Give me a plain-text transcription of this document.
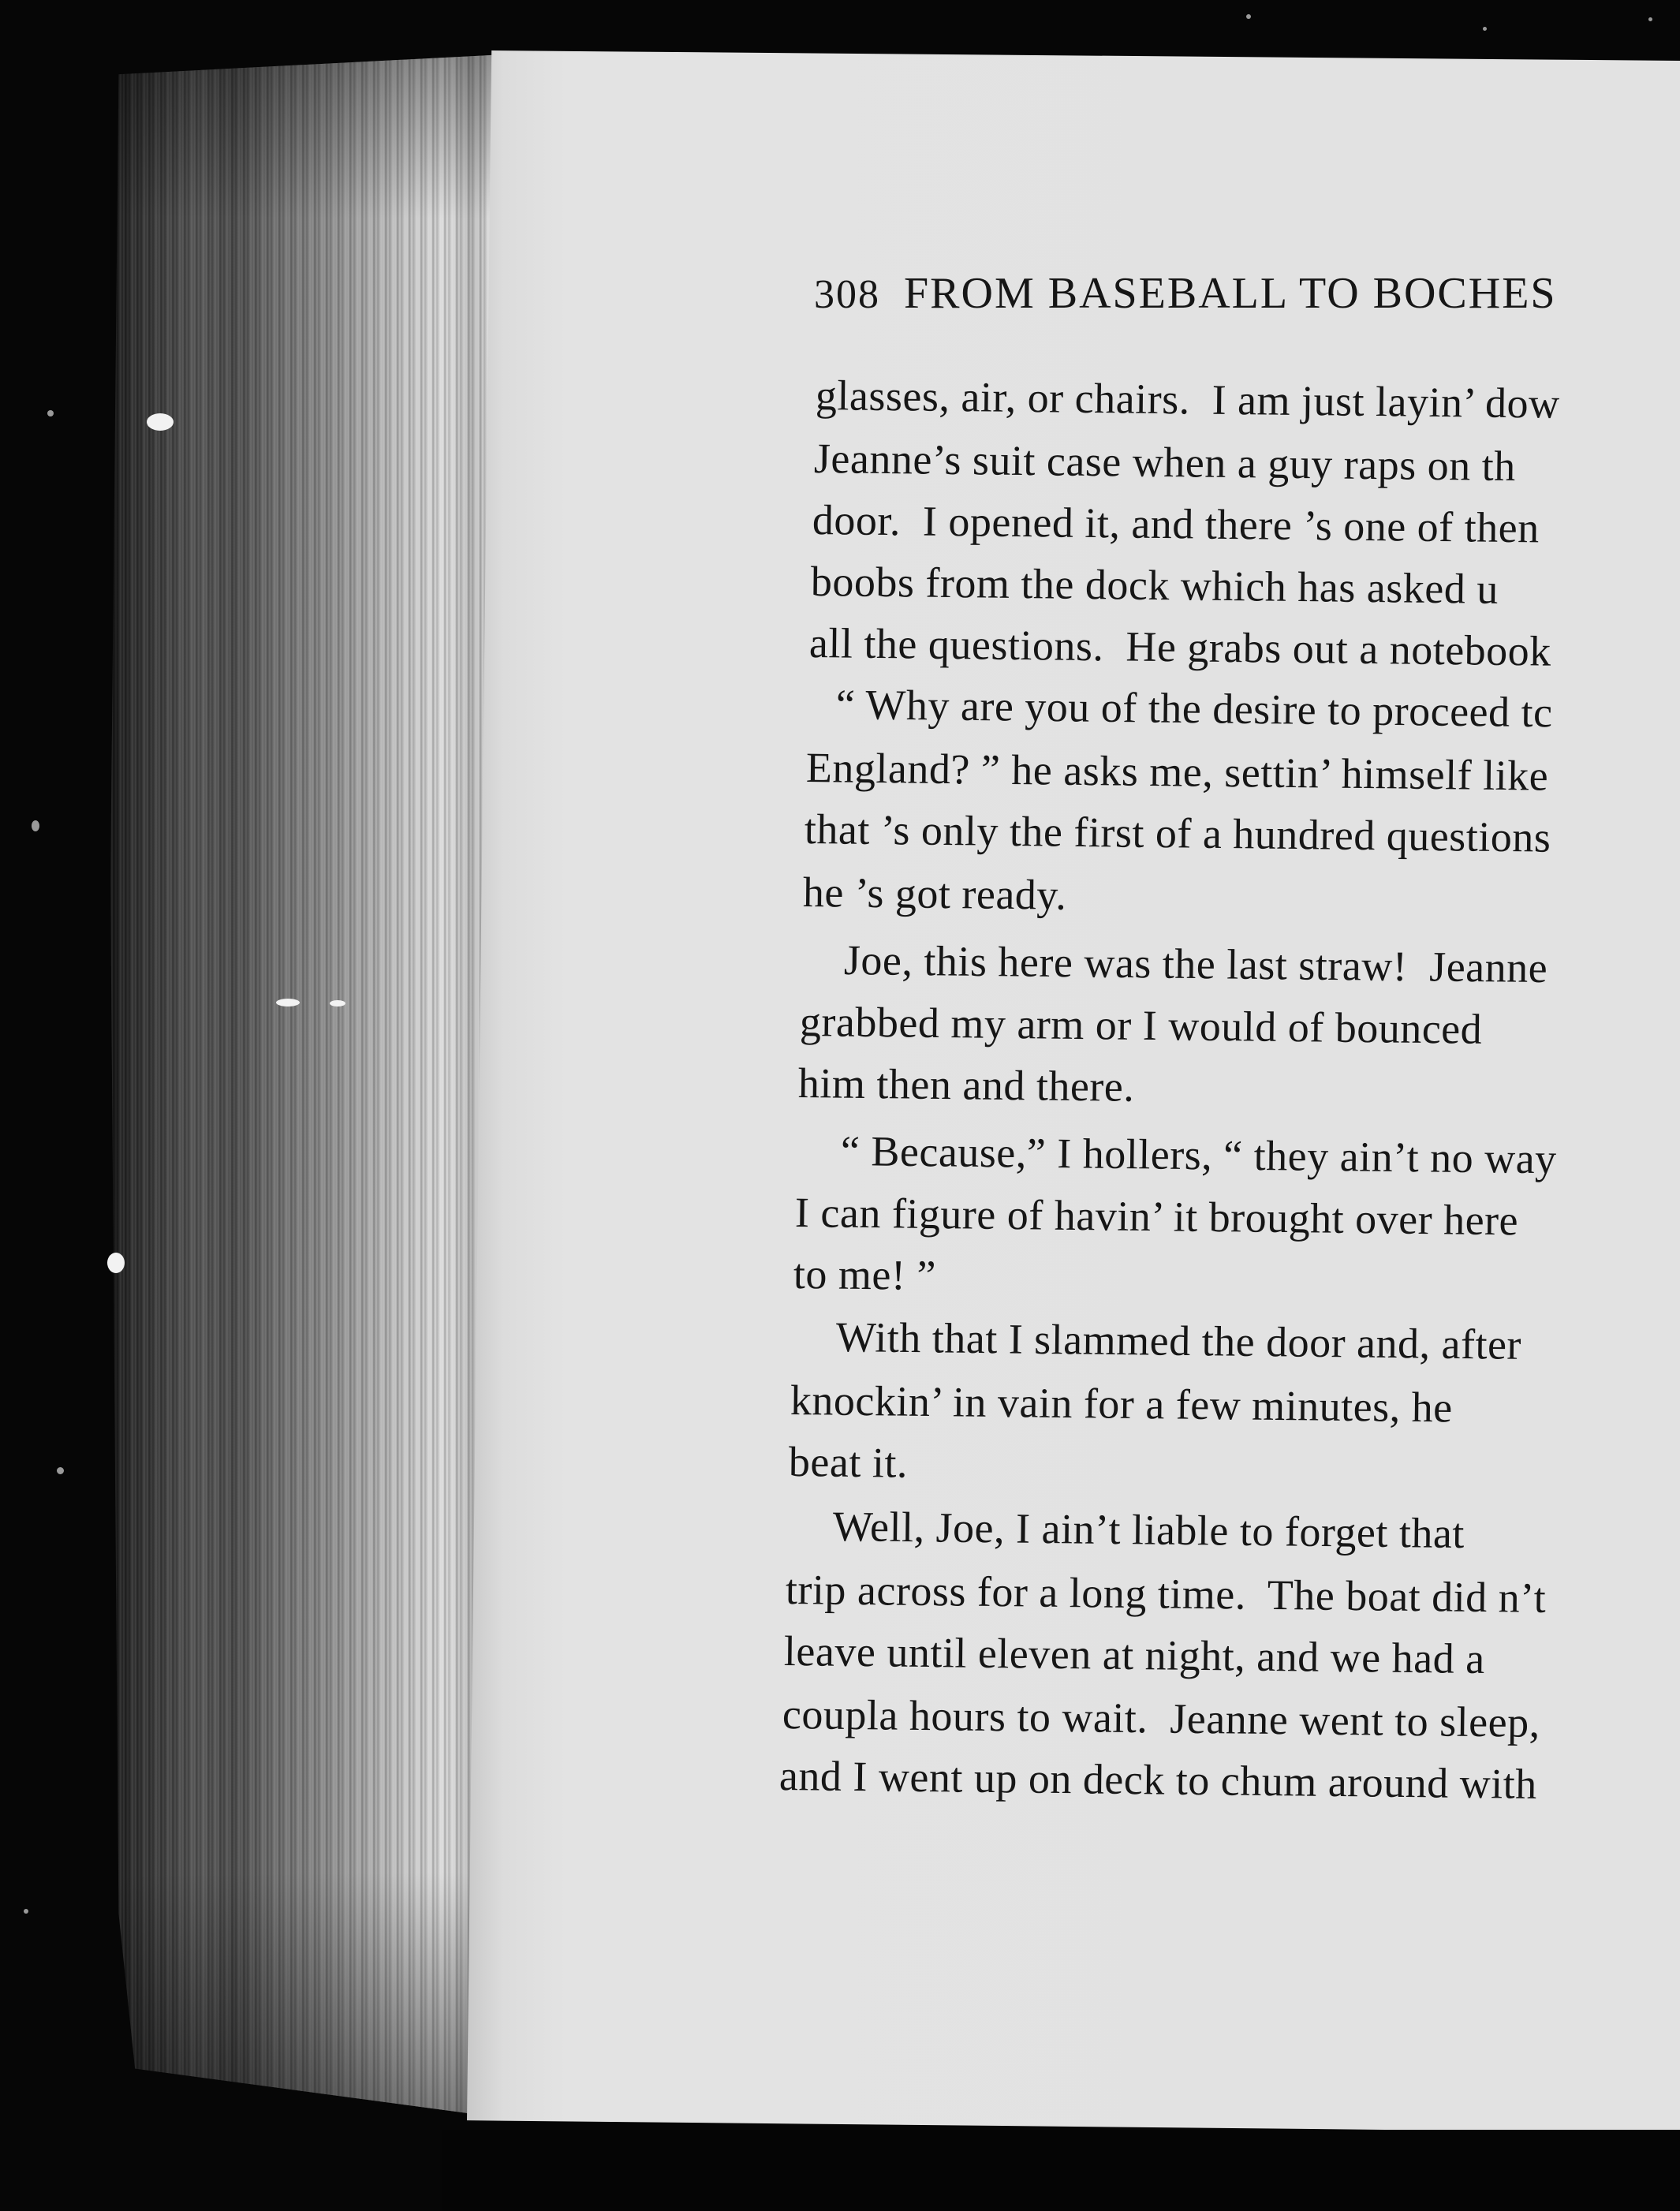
308 FROM BASEBALL TO BOCHES
glasses, air, or chairs.  I am just layin’ dow
Jeanne’s suit case when a guy raps on th
door.  I opened it, and there ’s one of then
boobs from the dock which has asked u
all the questions.  He grabs out a notebook
“ Why are you of the desire to proceed tc
England? ” he asks me, settin’ himself like
that ’s only the first of a hundred questions
he ’s got ready.
Joe, this here was the last straw!  Jeanne
grabbed my arm or I would of bounced
him then and there.
“ Because,” I hollers, “ they ain’t no way
I can figure of havin’ it brought over here
to me! ”
With that I slammed the door and, after
knockin’ in vain for a few minutes, he
beat it.
Well, Joe, I ain’t liable to forget that
trip across for a long time.  The boat did n’t
leave until eleven at night, and we had a
coupla hours to wait.  Jeanne went to sleep,
and I went up on deck to chum around with
